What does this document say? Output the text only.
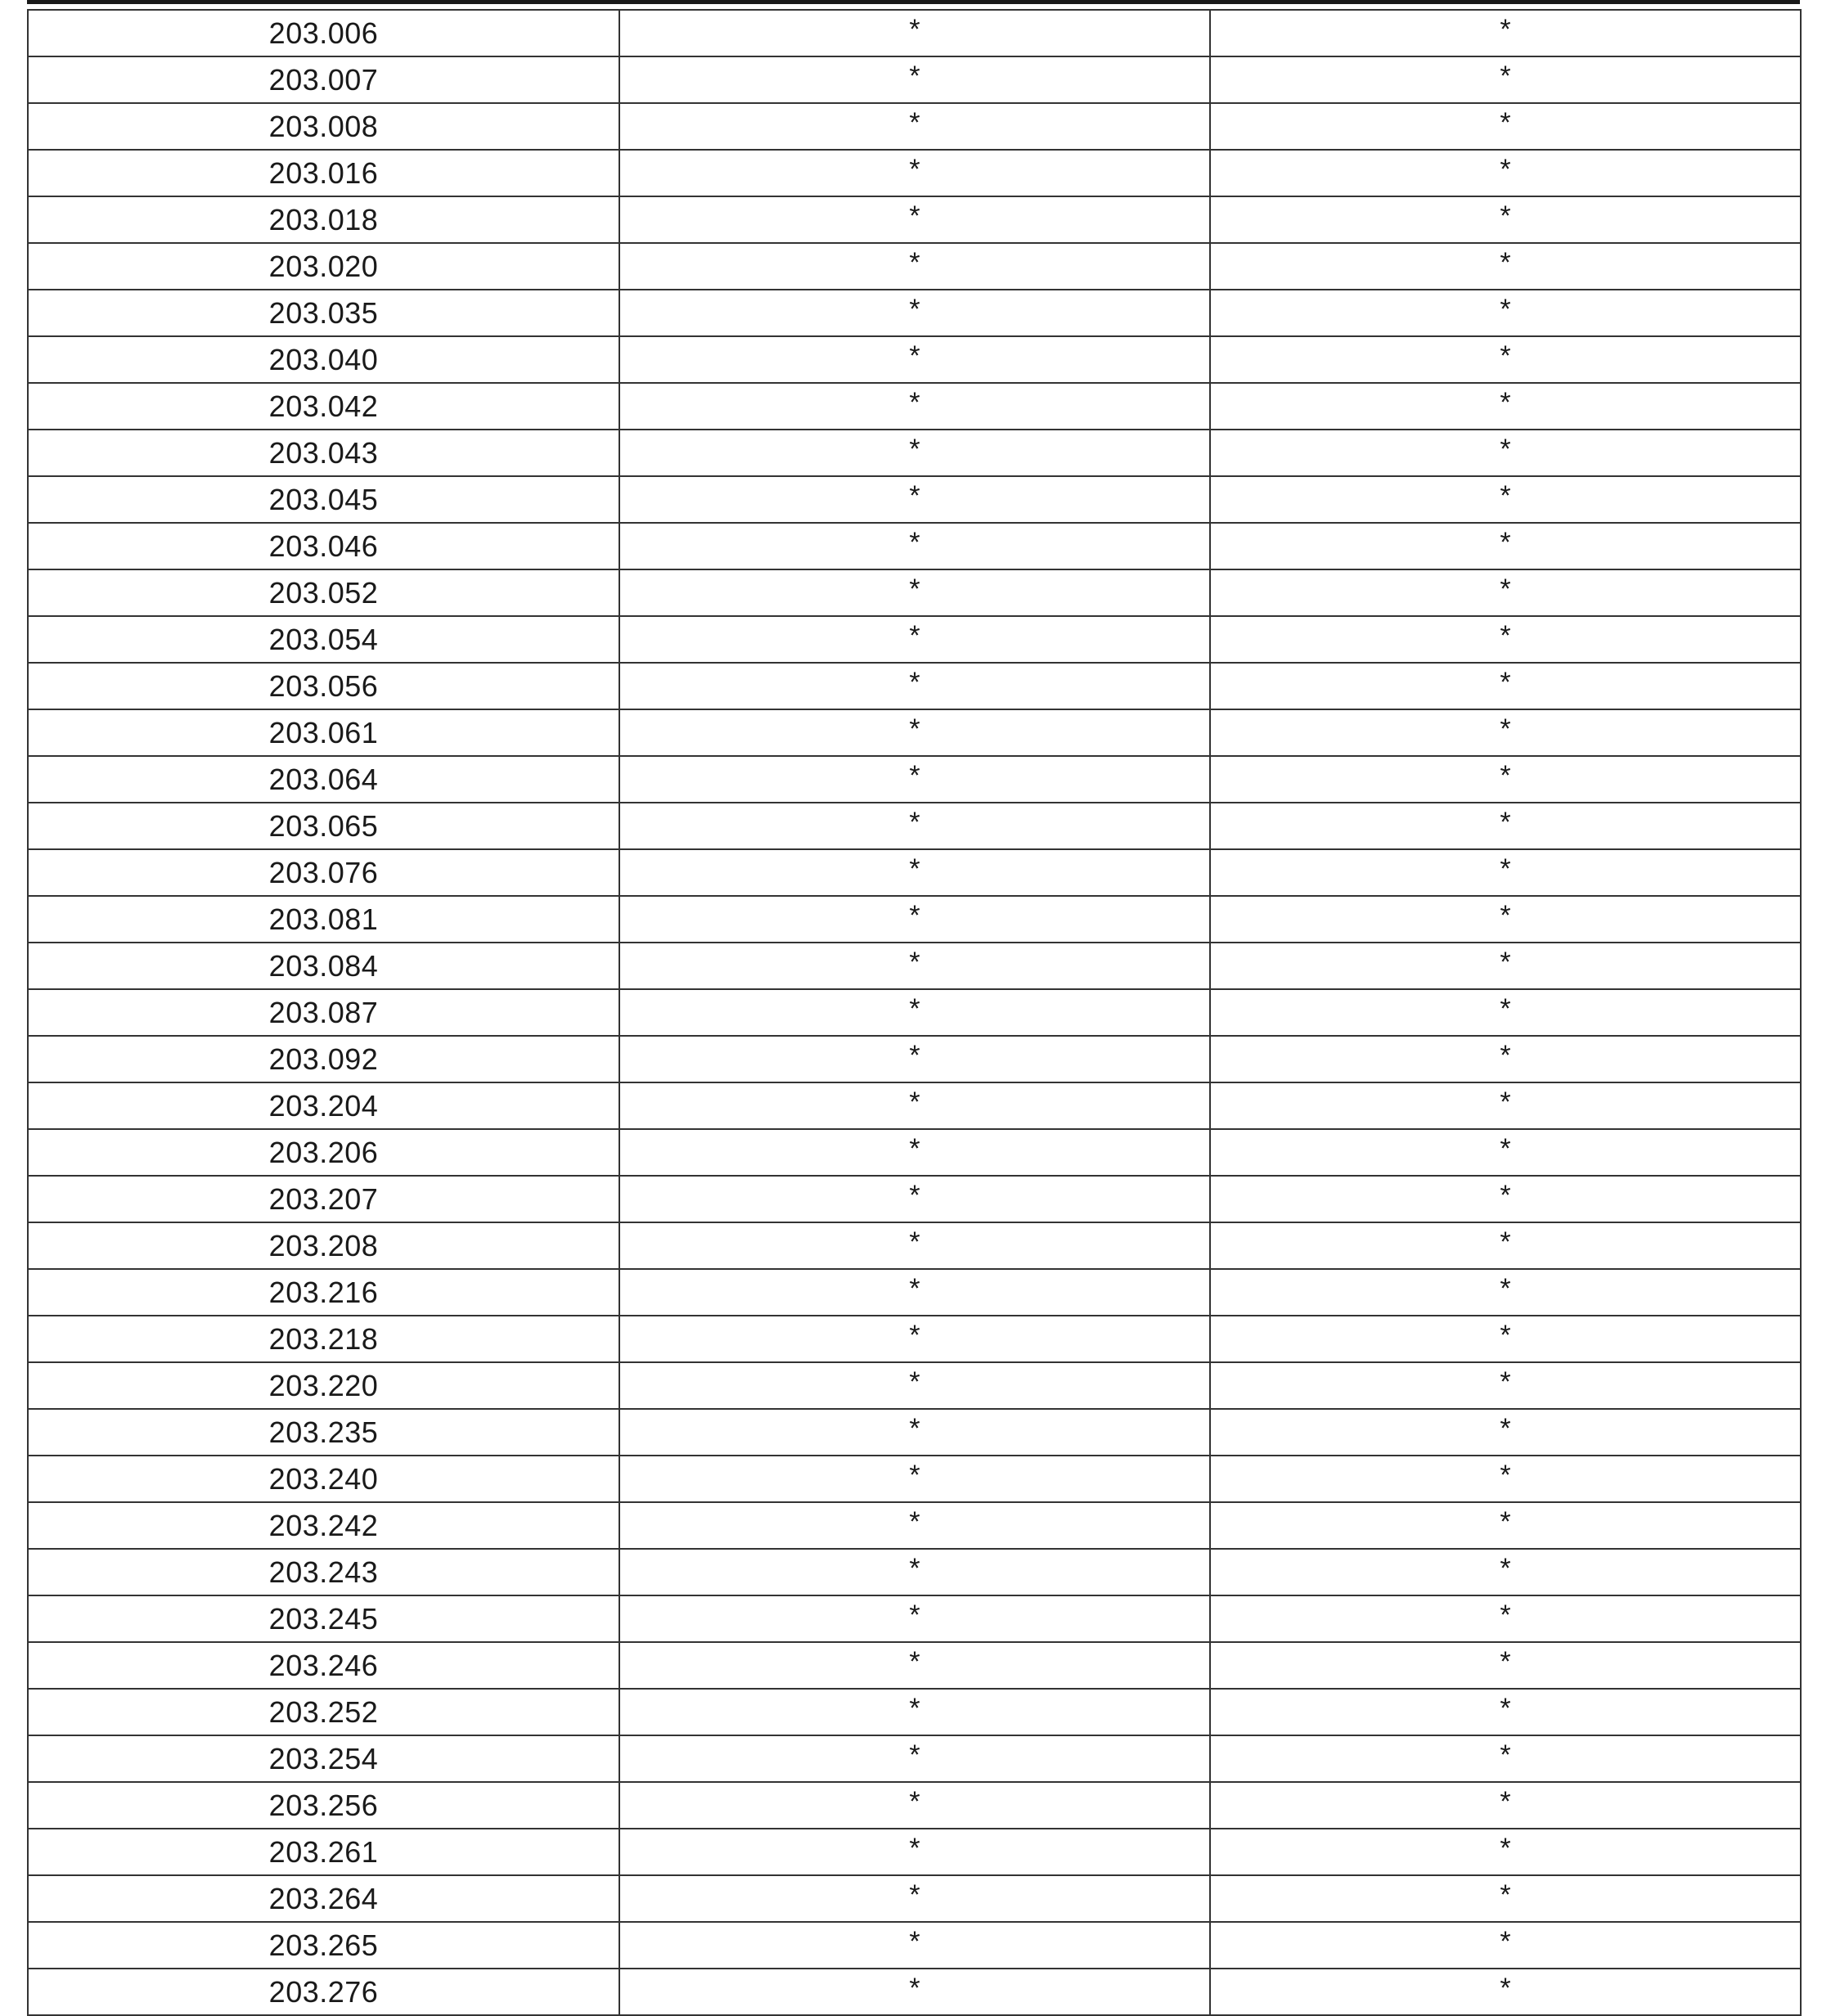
203.006	*	*
203.007	*	*
203.008	*	*
203.016	*	*
203.018	*	*
203.020	*	*
203.035	*	*
203.040	*	*
203.042	*	*
203.043	*	*
203.045	*	*
203.046	*	*
203.052	*	*
203.054	*	*
203.056	*	*
203.061	*	*
203.064	*	*
203.065	*	*
203.076	*	*
203.081	*	*
203.084	*	*
203.087	*	*
203.092	*	*
203.204	*	*
203.206	*	*
203.207	*	*
203.208	*	*
203.216	*	*
203.218	*	*
203.220	*	*
203.235	*	*
203.240	*	*
203.242	*	*
203.243	*	*
203.245	*	*
203.246	*	*
203.252	*	*
203.254	*	*
203.256	*	*
203.261	*	*
203.264	*	*
203.265	*	*
203.276	*	*
